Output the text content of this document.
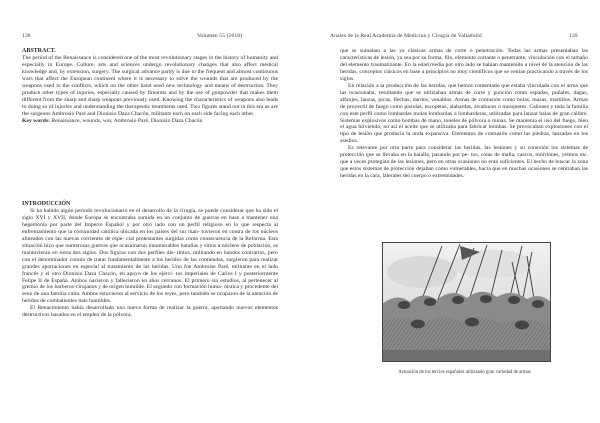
138	Volumen 55 (2018)

ABSTRACT.

The period of the Renaissance is considered one of the most revolutionary stages in the history of humanity and especially in Europe. Culture, arts and sciences undergo revolutionary changes that also affect medical knowledge and, by extension, surgery. The surgical advance partly is due to the frequent and almost continuous wars that affect the European continent where it is necessary to solve the wounds that are produced by the weapons used in the conflicts, which on the other hand used new technology and means of destruction. They produce other types of injuries, especially caused by firearms and by the use of gunpowder that makes them different from the sharp and sharp weapons previously used. Knowing the characteristics of weapons also leads to doing so of injuries and understanding the therapeutic treatments used. Two figures stand out in this era as are the surgeons Ambrosio Paré and Dionisio Daza Chacón, militants each on each side facing each other.

Key words: Renaissance, wounds, war, Ambrosio Paré, Dionisio Daza Chacón

INTRODUCCIÓN

Si ha habido algún periodo revolucionario en el desarrollo de la cirugía, se puede considerar que ha sido el siglo XVI y XVII, donde Europa se encontraba sumida en un conjunto de guerras en base a mantener una hegemonía por parte del Imperio Español y por otro lado con un perfil religioso en lo que respecta al enfrentamiento que la comunidad católica ubicada en los países del sur man- tuvieron en contra de los núcleos alineados con las nuevas corrientes de espe- cial protestantes surgidas como consecuencia de la Reforma. Esta situación hizo que numerosas guerras que ocasionaron innumerables batallas y sitios a núcleos de población, se mantuvieran en estos dos siglos. Dos figuras con dos perfiles dis- tintos, militando en bandos contrarios, pero con el denominador común de tratar fundamentalmente a los heridos de las contiendas, surgieron para realizar grandes aportaciones en especial al tratamiento de las heridas. Uno fue Ambroise Paré, militante en el lado francés y el otro Dionisio Daza Chacón, en apoyo de los ejérci- tos imperiales de Carlos I y posteriormente Felipe II de España. Ambos nacieron y fallecieron en años cercanos. El primero sin estudios, al pertenecer al gremio de los barberos-cirujanos y de origen humilde. El segundo con formación huma- nística y procedente del seno de una familia culta. Ambos estuvieron al servicio de los reyes, pero también se ocuparon de la atención de heridos de combatientes más humildes.

El Renacimiento había desarrollado una nueva forma de realizar la guerra, aportando nuevos elementos destructivos basados en el empleo de la pólvora,

Anales de la Real Academia de Medicina y Cirugía de Valladolid	139

que se sumaban a las ya clásicas armas de corte o penetración. Todas las armas presentaban las características de lesión, ya sea por su forma, filo, elemento cortante o penetrante, vinculación con el tamaño del elemento traumatizante. En la edad media por otro lado se habían mantenido a nivel de la atención de las heridas, conceptos clásicos en base a principios no muy científicos que se venían practicando a través de los siglos.

En relación a la producción de las heridas, que hemos comentado que estaba vinculada con el arma que las ocasionaba, resultando que se utilizaban armas de corte y punción como espadas, puñales, dagas, alfanjes, lanzas, picas, flechas, dardos, venablos. Armas de contusión como bolas, mazas, martillos. Armas de proyectil de fuego como pistolas, escopetas, alabardas, arcabuces o mosquetes. Cañones y toda la familia con este perfil como lombardas molas lombardas o lombarderas, utilizadas para lanzar balas de gran calibre. Sistemas explosivos como bombas de mano, toneles de pólvora o minas. Se mantenía el uso del fuego, bien el agua hirviendo, no así el aceite que se utilizaba para fabricar bombas. Se provocaban explosiones con el tipo de lesión que producía la onda expansiva. Elementos de contusión como las piedras, lanzadas en los asedios.

Es relevante por otra parte para considerar las heridas, las lesiones y su conexión los sistemas de protección que se llevaba en la batalla, pasando por pe- tos, cotas de malla, cascos, morriones, yelmos etc. que a veces protegían de las lesiones, pero en otras ocasiones no eran suficientes. El hecho de buscar la zona que estos sistemas de protección dejaban como vulnerables, hacía que en muchas ocasiones se centraban las heridas en la cara, laterales del cuerpo o extremidades.

Actuación de los tercios españoles utilizando gran variedad de armas
